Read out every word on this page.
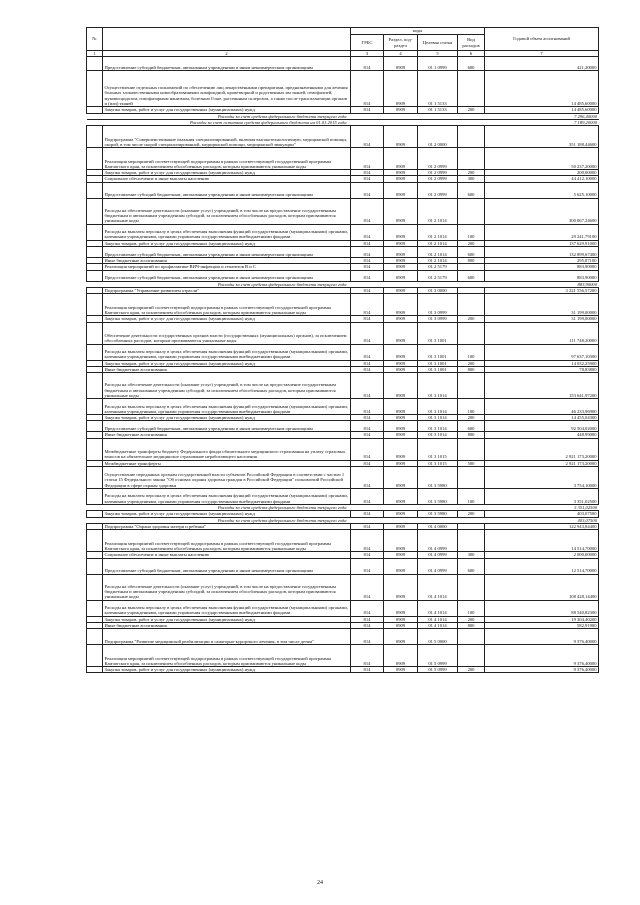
№		коды				Годовой объем ассигнований
		ГРБС	Раздел, под-раздел	Целевая статья	Вид расходов	
1	2	3	4	5	6	7
	Предоставление субсидий бюджетным, автономным учреждениям и иным некоммерческим организациям	814	0909	01 1 0999	600	421,20000
	Осуществление отдельных полномочий по обеспечению лиц лекарственными препаратами, предназначенными для лечения больных злокачественными новообразованиями лимфоидной, кроветворной и родственных им тканей, гемофилией, муковисцидозом, гипофизарным нанизмом, болезнью Гоше, рассеянным склерозом, а также после трансплантации органов и (или) тканей	814	0909	01 1 5133		14 485,60000
	Закупка товаров, работ и услуг для государственных (муниципальных) нужд	814	0909	01 1 5133	200	14 485,60000
	Расходы за счет средств федерального бюджета текущего года					7 296,40000
	Расходы за счет остатков средств федерального бюджета на 01.01.2015 года					7 189,20000
	Подпрограмма "Совершенствование оказания специализированной, включая высокотехнологичную, медицинской помощи, скорой, в том числе скорой специализированной, медицинской помощи, медицинской эвакуации"	814	0909	01 2 0000		351 188,44600
	Реализация мероприятий соответствующей подпрограммы в рамках соответствующей государственной программы Камчатского края, за исключением обособленных расходов, которым присваиваются уникальные коды	814	0909	01 2 0999		50 237,20000
	Закупка товаров, работ и услуг для государственных (муниципальных) нужд	814	0909	01 2 0999	200	200,00000
	Социальное обеспечение и иные выплаты населению	814	0909	01 2 0999	300	44 412,10000
	Предоставление субсидий бюджетным, автономным учреждениям и иным некоммерческим организациям	814	0909	01 2 0999	600	5 625,10000
	Расходы на обеспечение деятельности (оказание услуг) учреждений, в том числе на предоставление государственным бюджетным и автономным учреждениям субсидий, за исключением обособленных расходов, которым присваиваются уникальные коды	814	0909	01 2 1014		300 067,24600
	Расходы на выплаты персоналу в целях обеспечения выполнения функций государственными (муниципальными) органами, казенными учреждениями, органами управления государственными внебюджетными фондами	814	0909	01 2 1014	100	29 241,79100
	Закупка товаров, работ и услуг для государственных (муниципальных) нужд	814	0909	01 2 1014	200	137 629,91000
	Предоставление субсидий бюджетным, автономным учреждениям и иным некоммерческим организациям	814	0909	01 2 1014	600	132 899,67400
	Иные бюджетные ассигнования	814	0909	01 2 1014	800	295,87100
	Реализация мероприятий по профилактике ВИЧ-инфекции и гепатитов В и С	814	0909	01 2 5179		883,90000
	Предоставление субсидий бюджетным, автономным учреждениям и иным некоммерческим организациям	814	0909	01 2 5179	600	883,90000
	Расходы за счет средств федерального бюджета текущего года					883,90000
	Подпрограмма "Управление развитием отрасли"	814	0909	01 3 0000		3 221 556,57200
	Реализация мероприятий соответствующей подпрограммы в рамках соответствующей государственной программы Камчатского края, за исключением обособленных расходов, которым присваиваются уникальные коды	814	0909	01 3 0999		31 199,00000
	Закупка товаров, работ и услуг для государственных (муниципальных) нужд	814	0909	01 3 0999	200	31 199,00000
	Обеспечение деятельности государственных органов власти (государственных (муниципальных) органов), за исключением обособленных расходов, которым присваиваются уникальные коды	814	0909	01 3 1001		111 748,20000
	Расходы на выплаты персоналу в целях обеспечения выполнения функций государственными (муниципальными) органами, казенными учреждениями, органами управления государственными внебюджетными фондами	814	0909	01 3 1001	100	97 637,10300
	Закупка товаров, работ и услуг для государственных (муниципальных) нужд	814	0909	01 3 1001	200	14 032,25900
	Иные бюджетные ассигнования	814	0909	01 3 1001	800	78,83800
	Расходы на обеспечение деятельности (оказание услуг) учреждений, в том числе на предоставление государственным бюджетным и автономным учреждениям субсидий, за исключением обособленных расходов, которым присваиваются уникальные коды	814	0909	01 3 1014		153 641,97200
	Расходы на выплаты персоналу в целях обеспечения выполнения функций государственными (муниципальными) органами, казенными учреждениями, органами управления государственными внебюджетными фондами	814	0909	01 3 1014	100	46 233,96900
	Закупка товаров, работ и услуг для государственных (муниципальных) нужд	814	0909	01 3 1014	200	14 455,04300
	Предоставление субсидий бюджетным, автономным учреждениям и иным некоммерческим организациям	814	0909	01 3 1014	600	92 504,02000
	Иные бюджетные ассигнования	814	0909	01 3 1014	800	448,99000
	Межбюджетные трансферты бюджету Федерального фонда обязательного медицинского страхования на уплату страховых взносов на обязательное медицинское страхование неработающего населения	814	0909	01 3 1015		2 921 173,20000
	Межбюджетные трансферты	814	0909	01 3 1015	500	2 921 173,20000
	Осуществление переданных органам государственной власти субъектов Российской Федерации в соответствии с частью 1 статьи 15 Федерального закона "Об основах охраны здоровья граждан в Российской Федерации" полномочий Российской Федерации в сфере охраны здоровья	814	0909	01 3 5980		3 754,10000
	Расходы на выплаты персоналу в целях обеспечения выполнения функций государственными (муниципальными) органами, казенными учреждениями, органами управления государственными внебюджетными фондами	814	0909	01 3 5980	100	3 351,02500
	Расходы за счет средств федерального бюджета текущего года					3 351,02500
	Закупка товаров, работ и услуг для государственных (муниципальных) нужд	814	0909	01 3 5980	200	403,07500
	Расходы за счет средств федерального бюджета текущего года					403,07500
	Подпрограмма "Охрана здоровья матери и ребенка"	814	0909	01 4 0000		122 943,84400
	Реализация мероприятий соответствующей подпрограммы в рамках соответствующей государственной программы Камчатского края, за исключением обособленных расходов, которым присваиваются уникальные коды	814	0909	01 4 0999		14 514,70000
	Социальное обеспечение и иные выплаты населению	814	0909	01 4 0999	300	2 000,00000
	Предоставление субсидий бюджетным, автономным учреждениям и иным некоммерческим организациям	814	0909	01 4 0999	600	12 514,70000
	Расходы на обеспечение деятельности (оказание услуг) учреждений, в том числе на предоставление государственным бюджетным и автономным учреждениям субсидий, за исключением обособленных расходов, которым присваиваются уникальные коды	814	0909	01 4 1014		108 428,14400
	Расходы на выплаты персоналу в целях обеспечения выполнения функций государственными (муниципальными) органами, казенными учреждениями, органами управления государственными внебюджетными фондами	814	0909	01 4 1014	100	88 540,82300
	Закупка товаров, работ и услуг для государственных (муниципальных) нужд	814	0909	01 4 1014	200	19 304,40200
	Иные бюджетные ассигнования	814	0909	01 4 1014	800	582,91900
	Подпрограмма "Развитие медицинской реабилитации и санаторно-курортного лечения, в том числе детям"	814	0909	01 5 0000		9 376,40000
	Реализация мероприятий соответствующей подпрограммы в рамках соответствующей государственной программы Камчатского края, за исключением обособленных расходов, которым присваиваются уникальные коды	814	0909	01 5 0999		9 376,40000
	Закупка товаров, работ и услуг для государственных (муниципальных) нужд	814	0909	01 5 0999	200	9 376,40000
24
